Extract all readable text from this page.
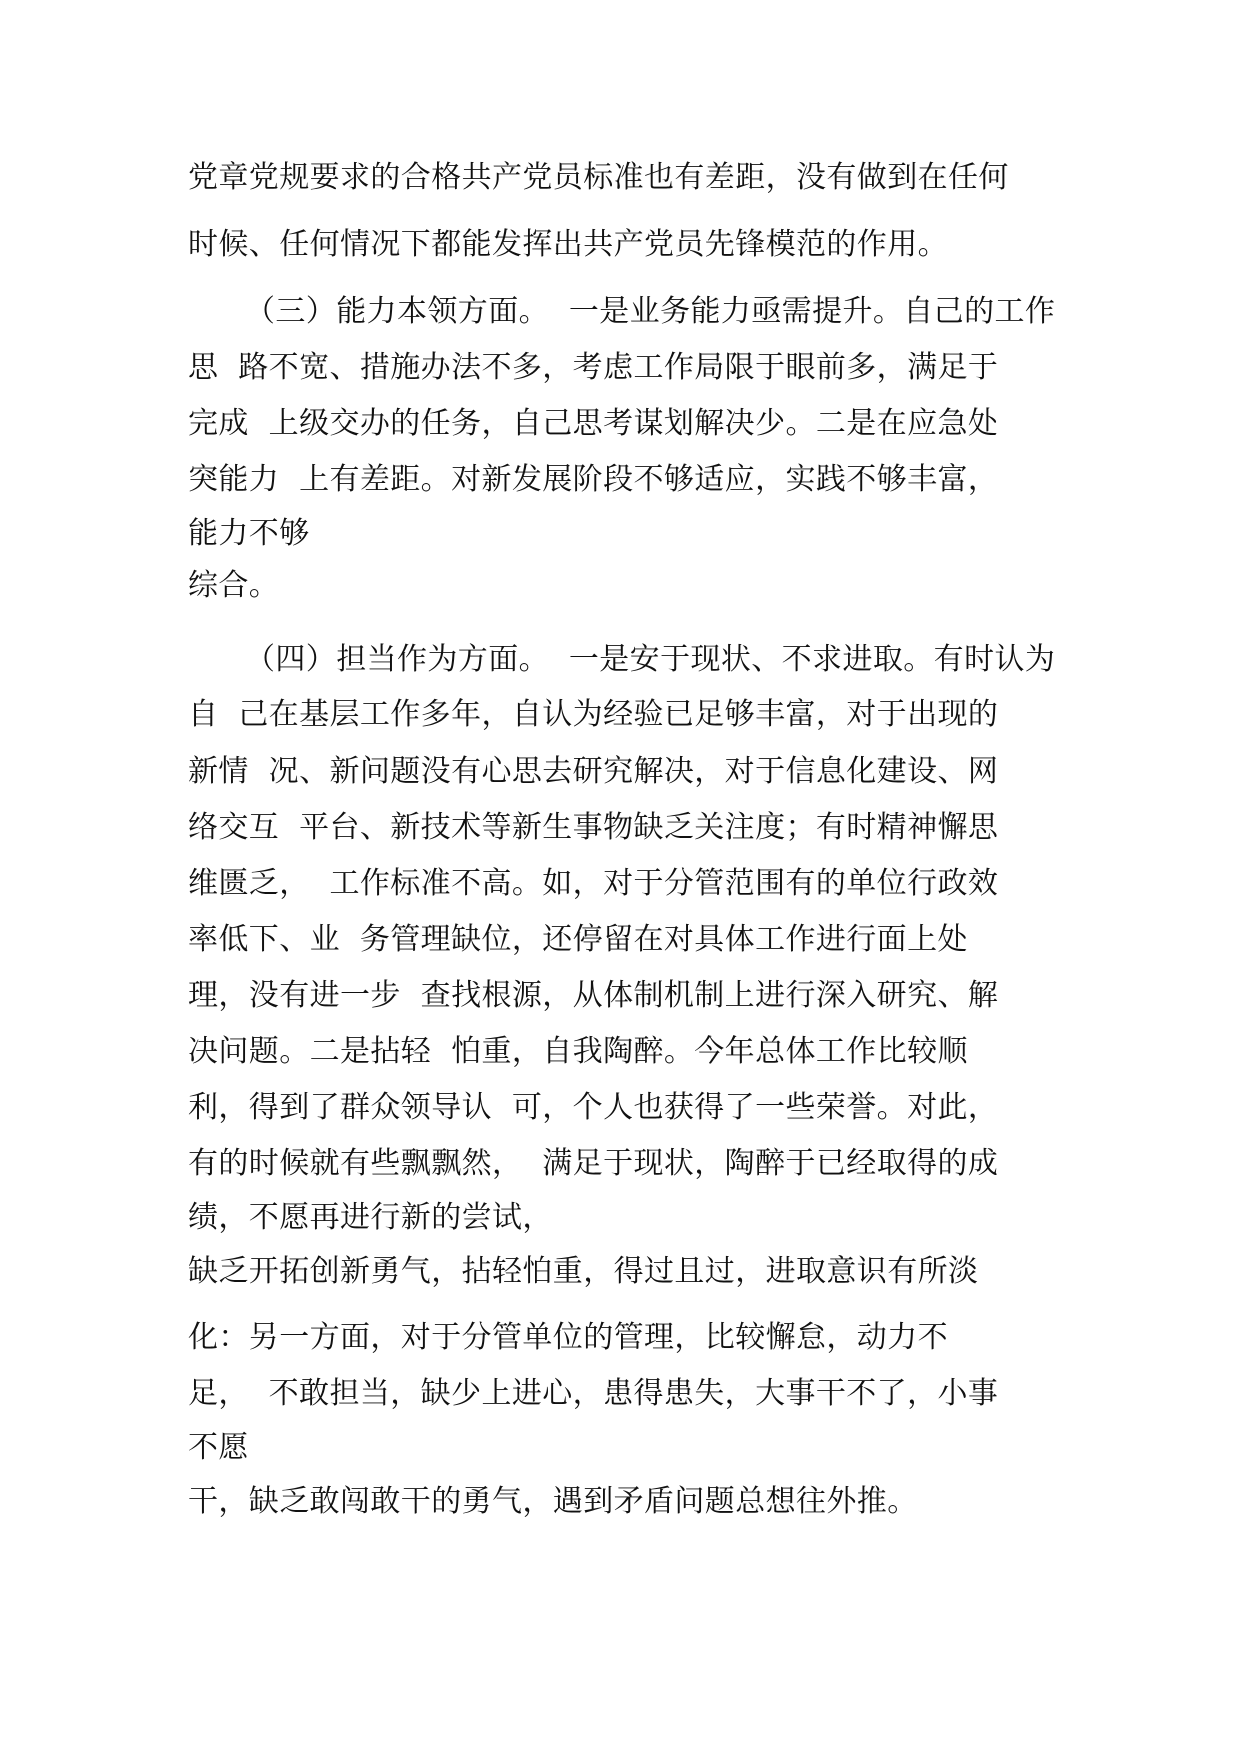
党章党规要求的合格共产党员标准也有差距，没有做到在任何
时候、任何情况下都能发挥出共产党员先锋模范的作用。
（三）能力本领方面。  一是业务能力亟需提升。自己的工作
思  路不宽、措施办法不多，考虑工作局限于眼前多，满足于
完成  上级交办的任务，自己思考谋划解决少。二是在应急处
突能力  上有差距。对新发展阶段不够适应，实践不够丰富，
能力不够
综合。
（四）担当作为方面。  一是安于现状、不求进取。有时认为
自  己在基层工作多年，自认为经验已足够丰富，对于出现的
新情  况、新问题没有心思去研究解决，对于信息化建设、网
络交互  平台、新技术等新生事物缺乏关注度；有时精神懈思
维匮乏，  工作标准不高。如，对于分管范围有的单位行政效
率低下、业  务管理缺位，还停留在对具体工作进行面上处
理，没有进一步  查找根源，从体制机制上进行深入研究、解
决问题。二是拈轻  怕重，自我陶醉。今年总体工作比较顺
利，得到了群众领导认  可，个人也获得了一些荣誉。对此，
有的时候就有些飘飘然，  满足于现状，陶醉于已经取得的成
绩，不愿再进行新的尝试，
缺乏开拓创新勇气，拈轻怕重，得过且过，进取意识有所淡
化：另一方面，对于分管单位的管理，比较懈怠，动力不
足，  不敢担当，缺少上进心，患得患失，大事干不了，小事
不愿
干，缺乏敢闯敢干的勇气，遇到矛盾问题总想往外推。
